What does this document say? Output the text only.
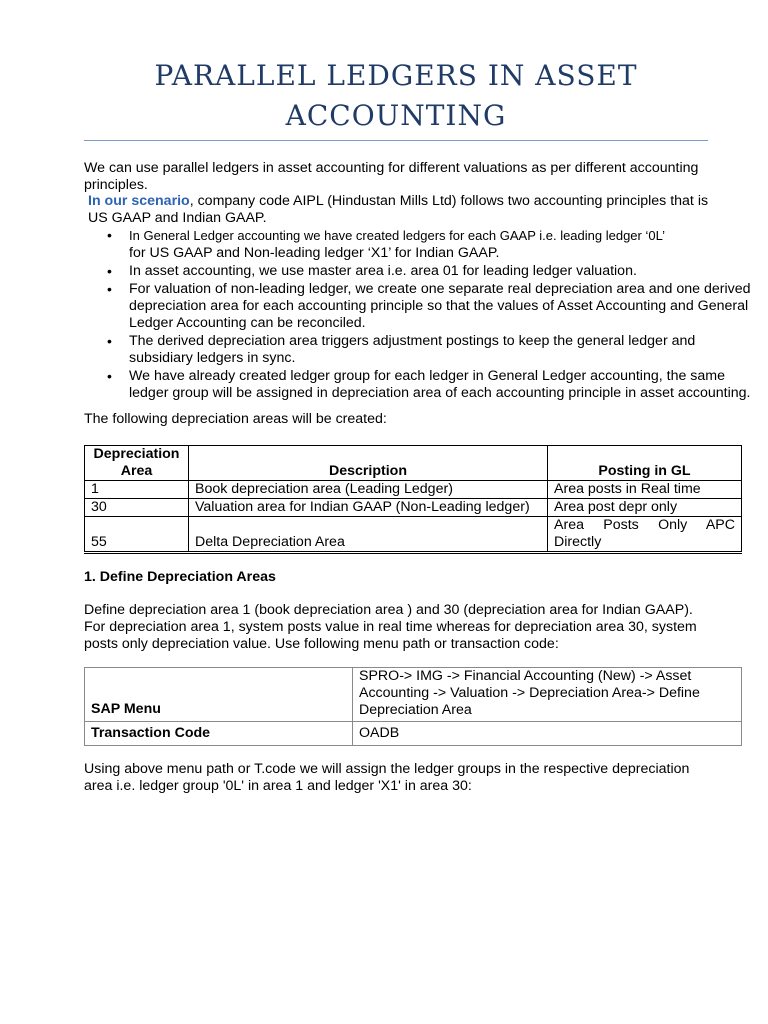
PARALLEL LEDGERS IN ASSET
ACCOUNTING
We can use parallel ledgers in asset accounting for different valuations as per different accounting principles.
In our scenario, company code AIPL (Hindustan Mills Ltd) follows two accounting principles that is US GAAP and Indian GAAP.
• In General Ledger accounting we have created ledgers for each GAAP i.e. leading ledger ‘0L’
for US GAAP and Non-leading ledger ‘X1’ for Indian GAAP.
• In asset accounting, we use master area i.e. area 01 for leading ledger valuation.
• For valuation of non-leading ledger, we create one separate real depreciation area and one derived depreciation area for each accounting principle so that the values of Asset Accounting and General Ledger Accounting can be reconciled.
• The derived depreciation area triggers adjustment postings to keep the general ledger and subsidiary ledgers in sync.
• We have already created ledger group for each ledger in General Ledger accounting, the same ledger group will be assigned in depreciation area of each accounting principle in asset accounting.
The following depreciation areas will be created:
Depreciation Area	Description	Posting in GL
1	Book depreciation area (Leading Ledger)	Area posts in Real time
30	Valuation area for Indian GAAP (Non-Leading ledger)	Area post depr only
55	Delta Depreciation Area	Area Posts Only APC
Directly
1. Define Depreciation Areas
Define depreciation area 1 (book depreciation area ) and 30 (depreciation area for Indian GAAP). For depreciation area 1, system posts value in real time whereas for depreciation area 30, system posts only depreciation value. Use following menu path or transaction code:
SAP Menu	SPRO-> IMG -> Financial Accounting (New) -> Asset Accounting -> Valuation -> Depreciation Area-> Define Depreciation Area
Transaction Code	OADB
Using above menu path or T.code we will assign the ledger groups in the respective depreciation area i.e. ledger group '0L' in area 1 and ledger 'X1' in area 30:
